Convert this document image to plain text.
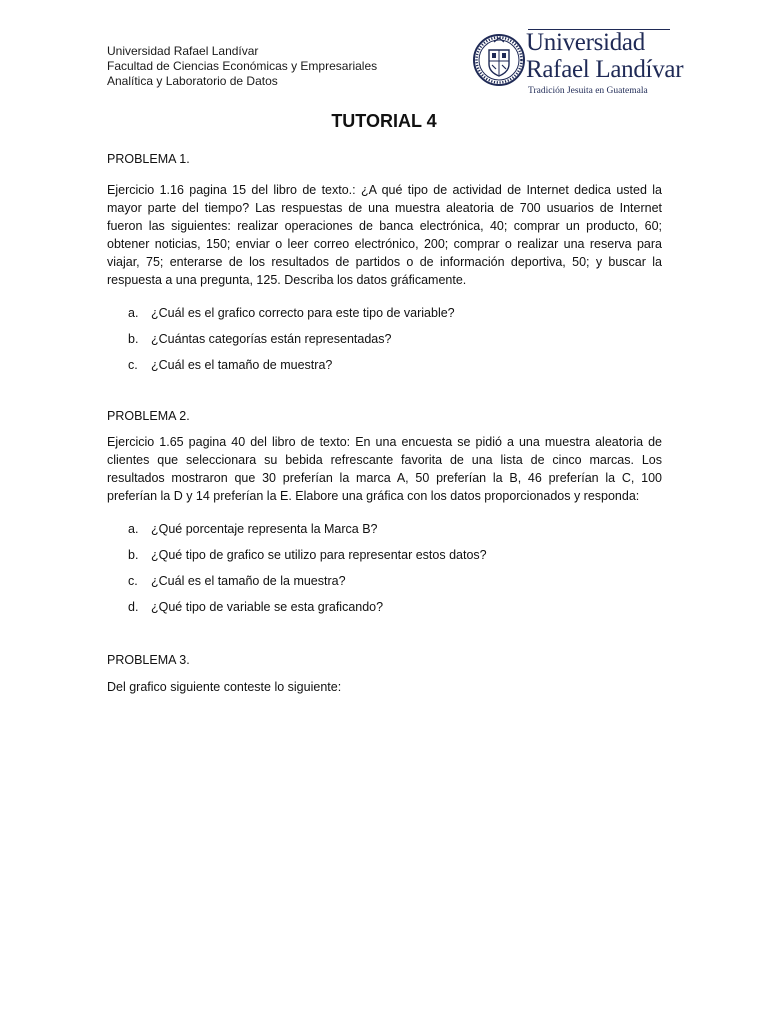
Universidad Rafael Landívar
Facultad de Ciencias Económicas y Empresariales
Analítica y Laboratorio de Datos
Universidad
Rafael Landívar
Tradición Jesuita en Guatemala
TUTORIAL 4
PROBLEMA 1.
Ejercicio 1.16 pagina 15 del libro de texto.: ¿A qué tipo de actividad de Internet dedica usted la mayor parte del tiempo? Las respuestas de una muestra aleatoria de 700 usuarios de Internet fueron las siguientes: realizar operaciones de banca electrónica, 40; comprar un producto, 60; obtener noticias, 150; enviar o leer correo electrónico, 200; comprar o realizar una reserva para viajar, 75; enterarse de los resultados de partidos o de información deportiva, 50; y buscar la respuesta a una pregunta, 125. Describa los datos gráficamente.
a.	¿Cuál es el grafico correcto para este tipo de variable?
b.	¿Cuántas categorías están representadas?
c.	¿Cuál es el tamaño de muestra?
PROBLEMA 2.
Ejercicio 1.65 pagina 40 del libro de texto: En una encuesta se pidió a una muestra aleatoria de clientes que seleccionara su bebida refrescante favorita de una lista de cinco marcas. Los resultados mostraron que 30 preferían la marca A, 50 preferían la B, 46 preferían la C, 100 preferían la D y 14 preferían la E. Elabore una gráfica con los datos proporcionados y responda:
a.	¿Qué porcentaje representa la Marca B?
b.	¿Qué tipo de grafico se utilizo para representar estos datos?
c.	¿Cuál es el tamaño de la muestra?
d.	¿Qué tipo de variable se esta graficando?
PROBLEMA 3.
Del grafico siguiente conteste lo siguiente:
